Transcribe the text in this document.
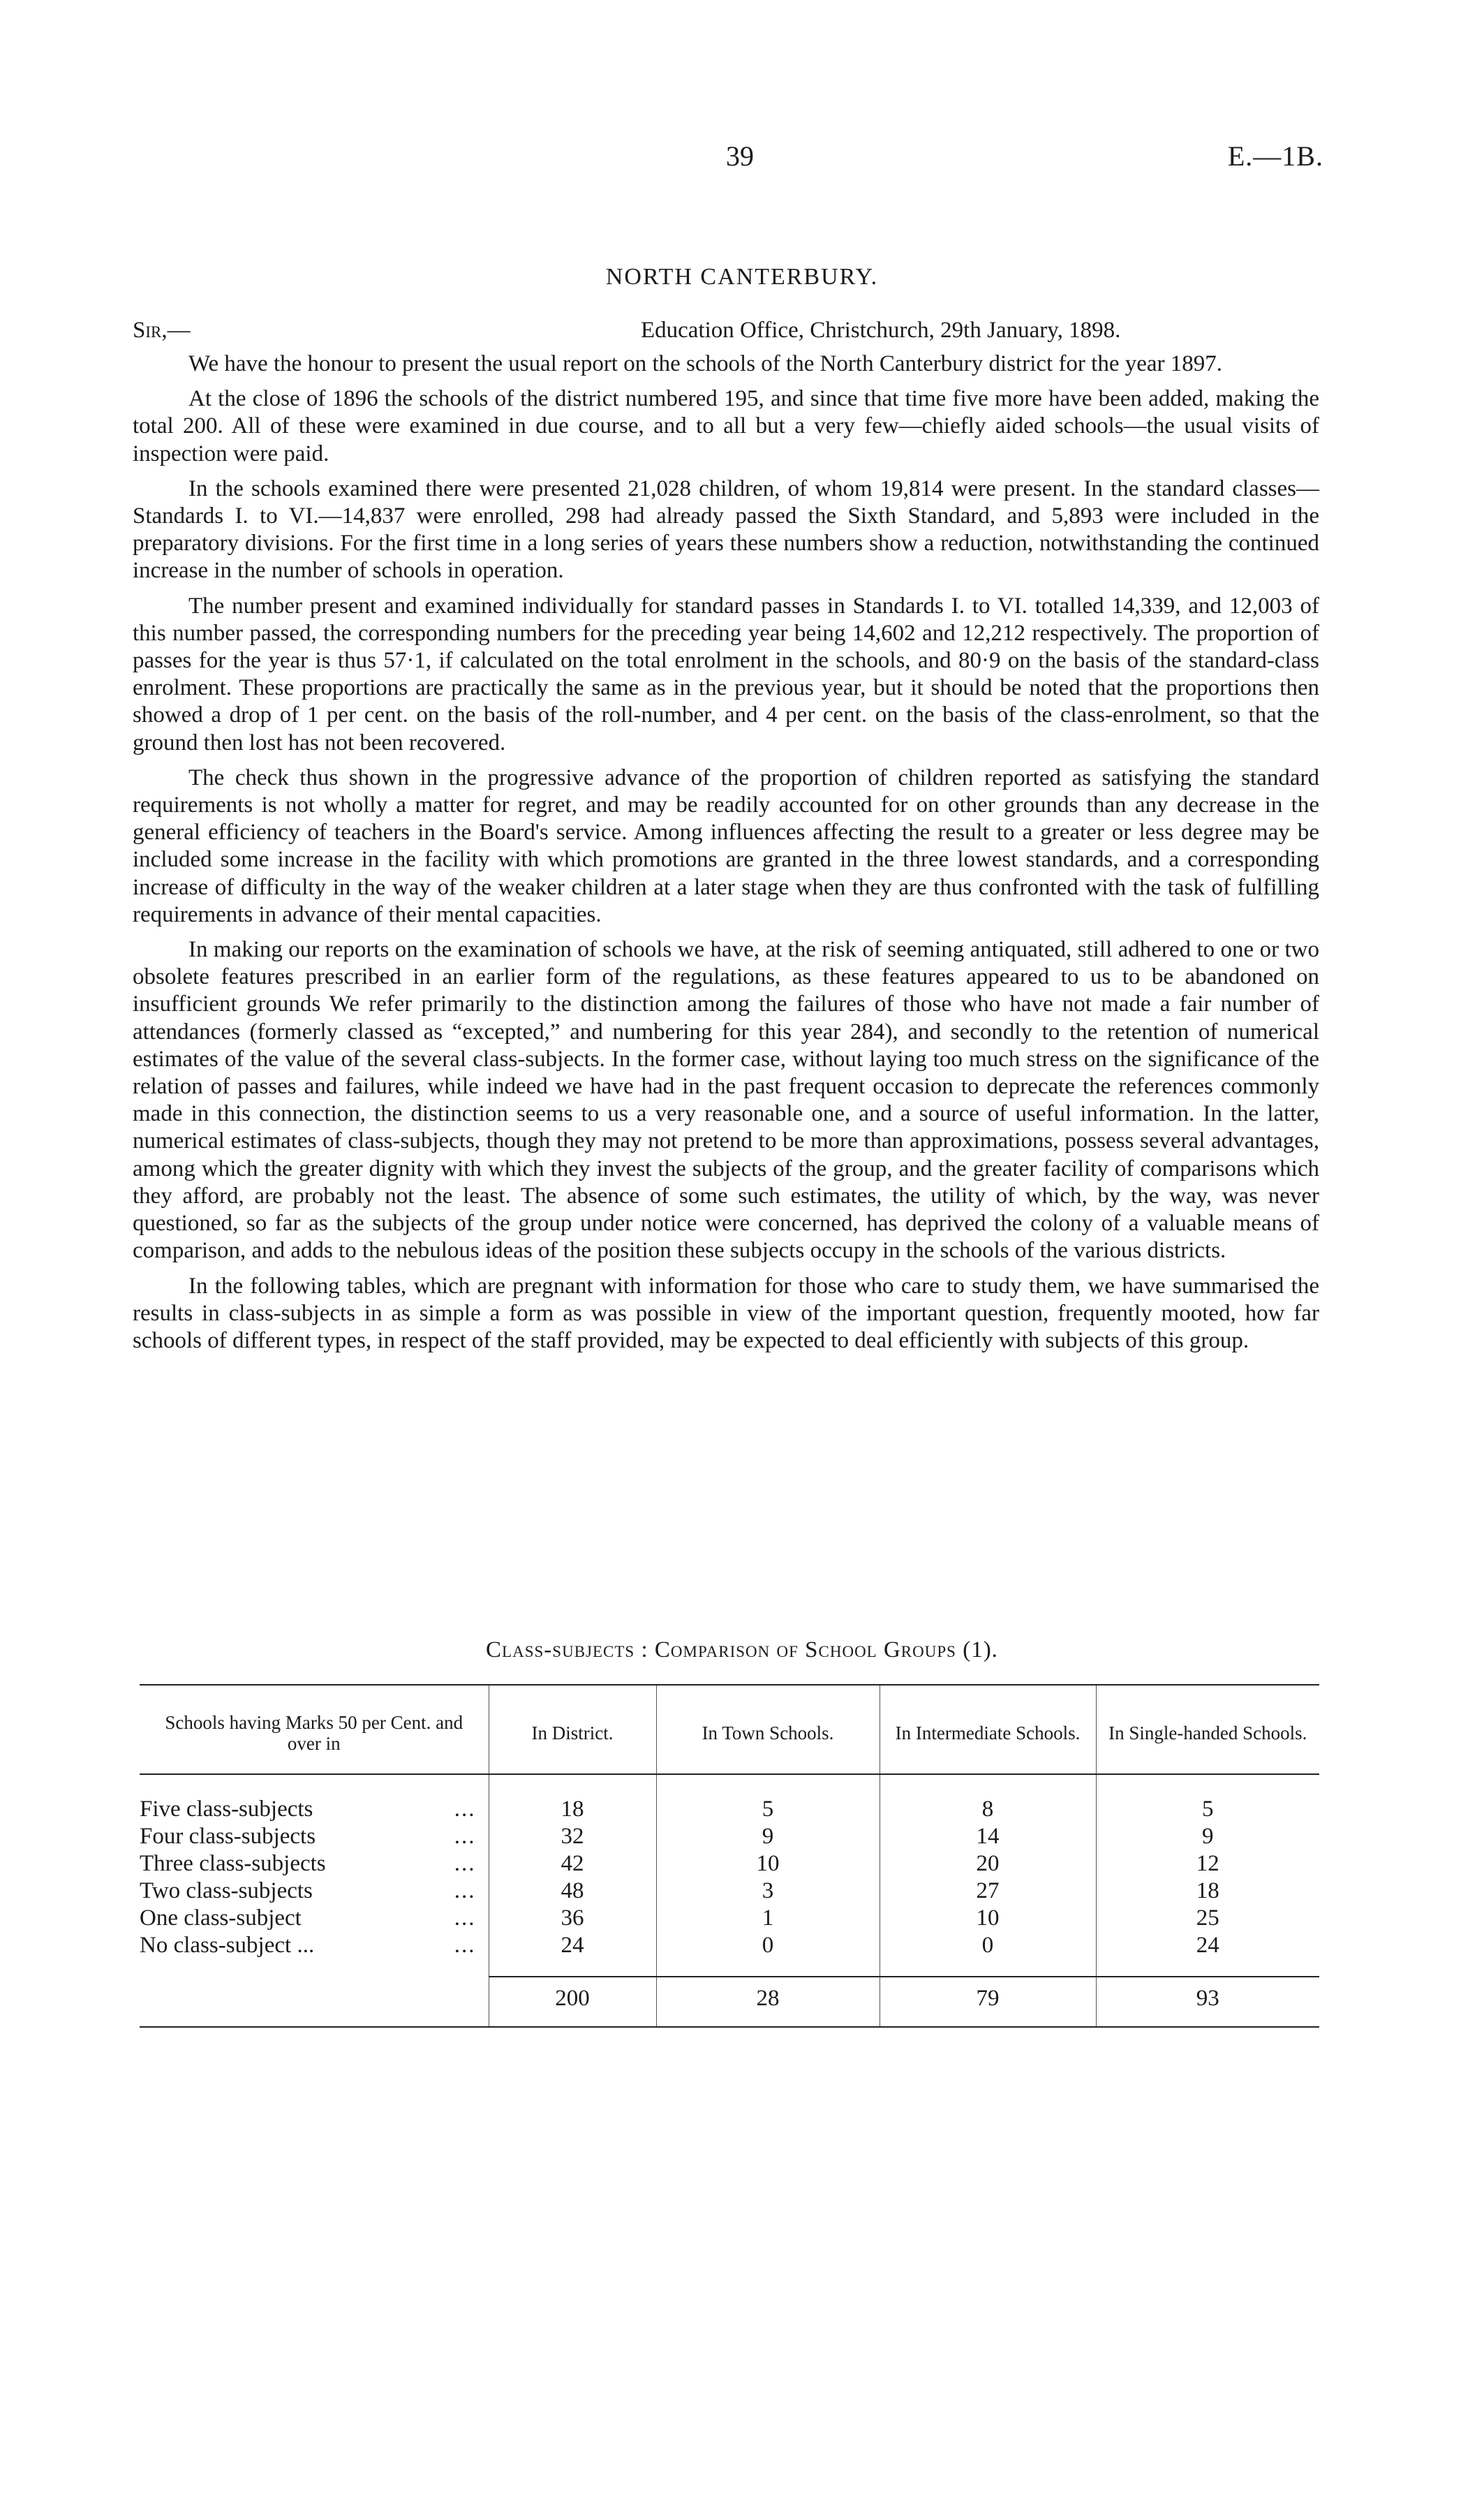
39	E.—1B.
NORTH CANTERBURY.
Sir,—	Education Office, Christchurch, 29th January, 1898.

We have the honour to present the usual report on the schools of the North Canterbury district for the year 1897.

At the close of 1896 the schools of the district numbered 195, and since that time five more have been added, making the total 200. All of these were examined in due course, and to all but a very few—chiefly aided schools—the usual visits of inspection were paid.

In the schools examined there were presented 21,028 children, of whom 19,814 were present. In the standard classes—Standards I. to VI.—14,837 were enrolled, 298 had already passed the Sixth Standard, and 5,893 were included in the preparatory divisions. For the first time in a long series of years these numbers show a reduction, notwithstanding the continued increase in the number of schools in operation.

The number present and examined individually for standard passes in Standards I. to VI. totalled 14,339, and 12,003 of this number passed, the corresponding numbers for the preceding year being 14,602 and 12,212 respectively. The proportion of passes for the year is thus 57·1, if calculated on the total enrolment in the schools, and 80·9 on the basis of the standard-class enrolment. These proportions are practically the same as in the previous year, but it should be noted that the proportions then showed a drop of 1 per cent. on the basis of the roll-number, and 4 per cent. on the basis of the class-enrolment, so that the ground then lost has not been recovered.

The check thus shown in the progressive advance of the proportion of children reported as satisfying the standard requirements is not wholly a matter for regret, and may be readily accounted for on other grounds than any decrease in the general efficiency of teachers in the Board's service. Among influences affecting the result to a greater or less degree may be included some increase in the facility with which promotions are granted in the three lowest standards, and a corresponding increase of difficulty in the way of the weaker children at a later stage when they are thus confronted with the task of fulfilling requirements in advance of their mental capacities.

In making our reports on the examination of schools we have, at the risk of seeming antiquated, still adhered to one or two obsolete features prescribed in an earlier form of the regulations, as these features appeared to us to be abandoned on insufficient grounds We refer primarily to the distinction among the failures of those who have not made a fair number of attendances (formerly classed as “excepted,” and numbering for this year 284), and secondly to the retention of numerical estimates of the value of the several class-subjects. In the former case, without laying too much stress on the significance of the relation of passes and failures, while indeed we have had in the past frequent occasion to deprecate the references commonly made in this connection, the distinction seems to us a very reasonable one, and a source of useful information. In the latter, numerical estimates of class-subjects, though they may not pretend to be more than approximations, possess several advantages, among which the greater dignity with which they invest the subjects of the group, and the greater facility of comparisons which they afford, are probably not the least. The absence of some such estimates, the utility of which, by the way, was never questioned, so far as the subjects of the group under notice were concerned, has deprived the colony of a valuable means of comparison, and adds to the nebulous ideas of the position these subjects occupy in the schools of the various districts.

In the following tables, which are pregnant with information for those who care to study them, we have summarised the results in class-subjects in as simple a form as was possible in view of the important question, frequently mooted, how far schools of different types, in respect of the staff provided, may be expected to deal efficiently with subjects of this group.

Class-subjects : Comparison of School Groups (1).
Schools having Marks 50 per Cent. and over in	In District.	In Town Schools.	In Intermediate Schools.	In Single-handed Schools.

Five class-subjects ...	18	5	8	5

Four class-subjects ...	32	9	14	9

Three class-subjects ...	42	10	20	12

Two class-subjects ...	48	3	27	18

One class-subject ...	36	1	10	25

No class-subject ... ...	24	0	0	24

	200	28	79	93
